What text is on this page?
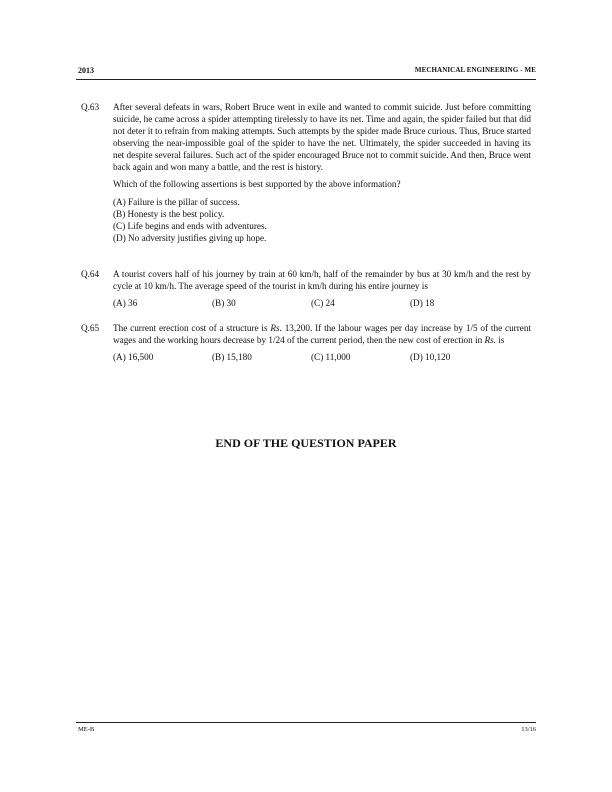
2013	MECHANICAL ENGINEERING - ME
Q.63 After several defeats in wars, Robert Bruce went in exile and wanted to commit suicide. Just before committing suicide, he came across a spider attempting tirelessly to have its net. Time and again, the spider failed but that did not deter it to refrain from making attempts. Such attempts by the spider made Bruce curious. Thus, Bruce started observing the near-impossible goal of the spider to have the net. Ultimately, the spider succeeded in having its net despite several failures. Such act of the spider encouraged Bruce not to commit suicide. And then, Bruce went back again and won many a battle, and the rest is history.

Which of the following assertions is best supported by the above information?

(A) Failure is the pillar of success.
(B) Honesty is the best policy.
(C) Life begins and ends with adventures.
(D) No adversity justifies giving up hope.
Q.64 A tourist covers half of his journey by train at 60 km/h, half of the remainder by bus at 30 km/h and the rest by cycle at 10 km/h. The average speed of the tourist in km/h during his entire journey is

(A) 36	(B) 30	(C) 24	(D) 18
Q.65 The current erection cost of a structure is Rs. 13,200. If the labour wages per day increase by 1/5 of the current wages and the working hours decrease by 1/24 of the current period, then the new cost of erection in Rs. is

(A) 16,500	(B) 15,180	(C) 11,000	(D) 10,120
END OF THE QUESTION PAPER
ME-B	13/16
